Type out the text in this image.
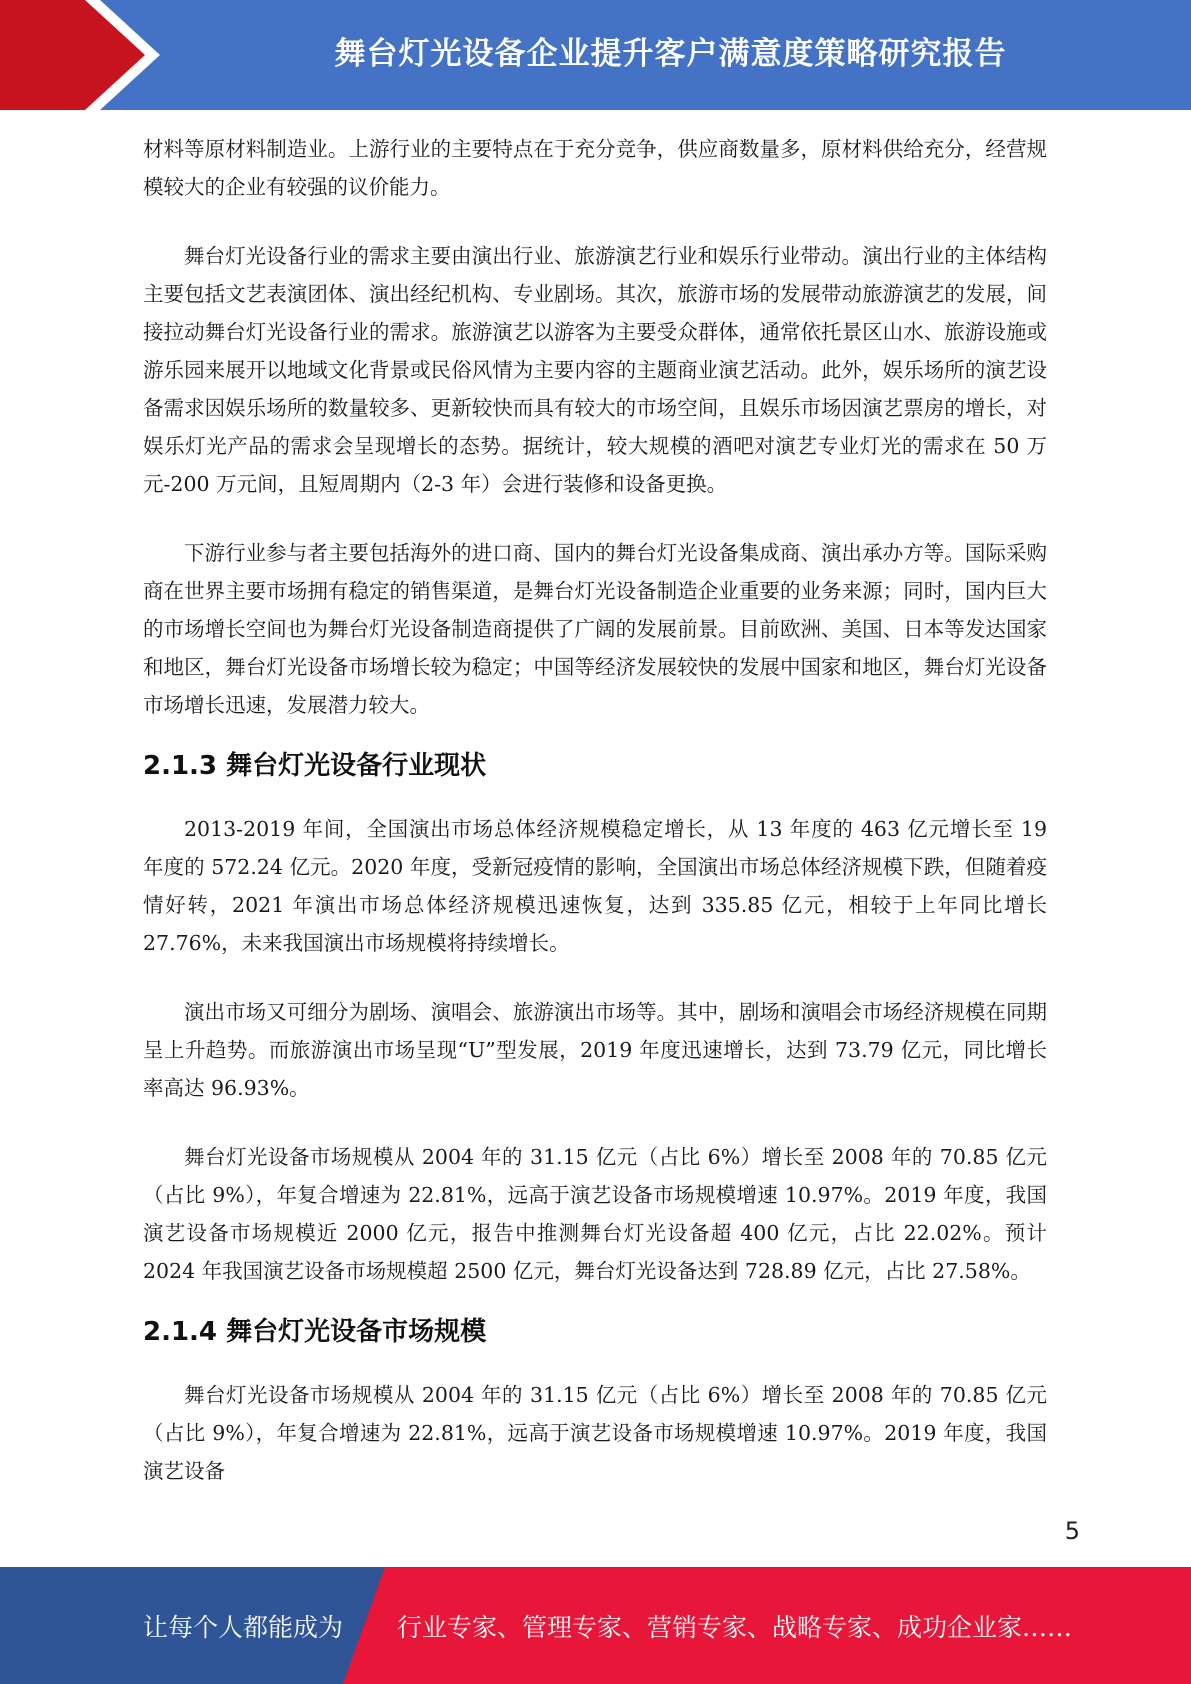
舞台灯光设备企业提升客户满意度策略研究报告

材料等原材料制造业。上游行业的主要特点在于充分竞争，供应商数量多，原材料供给充分，经营规模较大的企业有较强的议价能力。

舞台灯光设备行业的需求主要由演出行业、旅游演艺行业和娱乐行业带动。演出行业的主体结构主要包括文艺表演团体、演出经纪机构、专业剧场。其次，旅游市场的发展带动旅游演艺的发展，间接拉动舞台灯光设备行业的需求。旅游演艺以游客为主要受众群体，通常依托景区山水、旅游设施或游乐园来展开以地域文化背景或民俗风情为主要内容的主题商业演艺活动。此外，娱乐场所的演艺设备需求因娱乐场所的数量较多、更新较快而具有较大的市场空间，且娱乐市场因演艺票房的增长，对娱乐灯光产品的需求会呈现增长的态势。据统计，较大规模的酒吧对演艺专业灯光的需求在 50 万元-200 万元间，且短周期内（2-3 年）会进行装修和设备更换。

下游行业参与者主要包括海外的进口商、国内的舞台灯光设备集成商、演出承办方等。国际采购商在世界主要市场拥有稳定的销售渠道，是舞台灯光设备制造企业重要的业务来源；同时，国内巨大的市场增长空间也为舞台灯光设备制造商提供了广阔的发展前景。目前欧洲、美国、日本等发达国家和地区，舞台灯光设备市场增长较为稳定；中国等经济发展较快的发展中国家和地区，舞台灯光设备市场增长迅速，发展潜力较大。

2.1.3 舞台灯光设备行业现状

2013-2019 年间，全国演出市场总体经济规模稳定增长，从 13 年度的 463 亿元增长至 19 年度的 572.24 亿元。2020 年度，受新冠疫情的影响，全国演出市场总体经济规模下跌，但随着疫情好转，2021 年演出市场总体经济规模迅速恢复，达到 335.85 亿元，相较于上年同比增长 27.76%，未来我国演出市场规模将持续增长。

演出市场又可细分为剧场、演唱会、旅游演出市场等。其中，剧场和演唱会市场经济规模在同期呈上升趋势。而旅游演出市场呈现“U”型发展，2019 年度迅速增长，达到 73.79 亿元，同比增长率高达 96.93%。

舞台灯光设备市场规模从 2004 年的 31.15 亿元（占比 6%）增长至 2008 年的 70.85 亿元（占比 9%），年复合增速为 22.81%，远高于演艺设备市场规模增速 10.97%。2019 年度，我国演艺设备市场规模近 2000 亿元，报告中推测舞台灯光设备超 400 亿元，占比 22.02%。预计 2024 年我国演艺设备市场规模超 2500 亿元，舞台灯光设备达到 728.89 亿元，占比 27.58%。

2.1.4 舞台灯光设备市场规模

舞台灯光设备市场规模从 2004 年的 31.15 亿元（占比 6%）增长至 2008 年的 70.85 亿元（占比 9%），年复合增速为 22.81%，远高于演艺设备市场规模增速 10.97%。2019 年度，我国演艺设备

5
让每个人都能成为 行业专家、管理专家、营销专家、战略专家、成功企业家……
